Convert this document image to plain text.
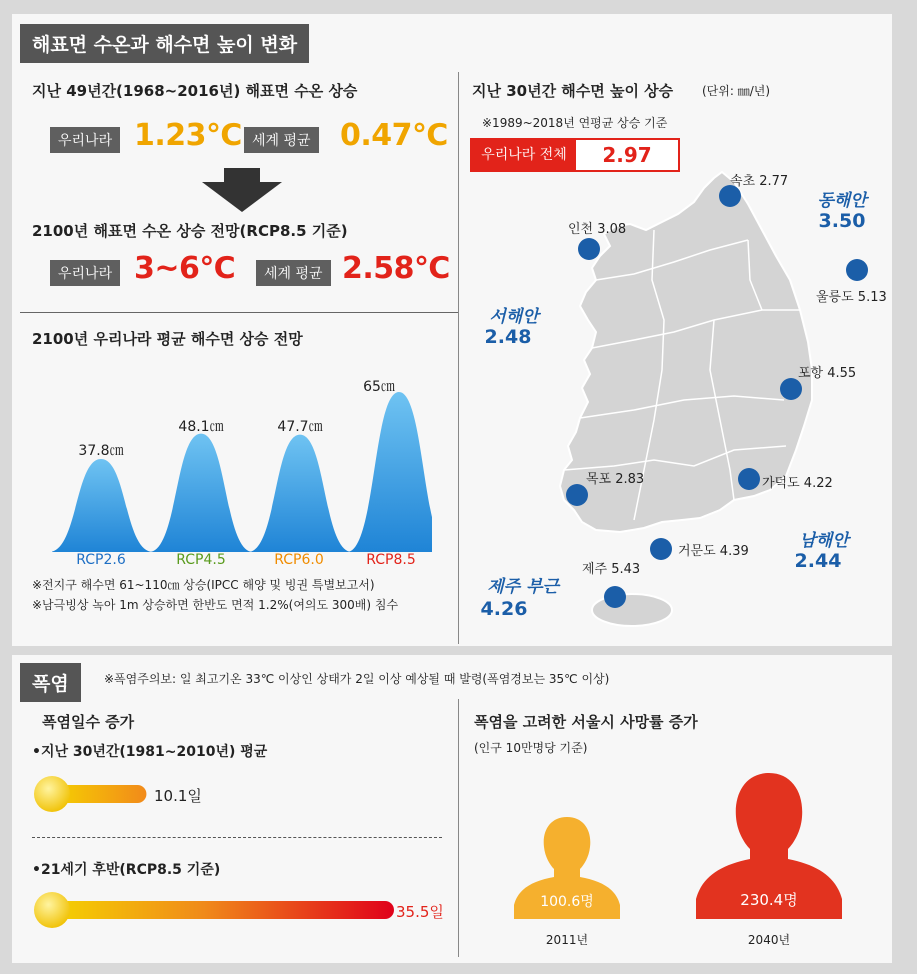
해표면 수온과 해수면 높이 변화
지난 49년간(1968~2016년) 해표면 수온 상승
우리나라 1.23℃ 세계 평균 0.47℃
2100년 해표면 수온 상승 전망(RCP8.5 기준)
우리나라 3~6℃	세계 평균 2.58℃
2100년 우리나라 평균 해수면 상승 전망
37.8㎝
48.1㎝	47.7㎝
65㎝
RCP2.6	RCP4.5	RCP6.0	RCP8.5
※전지구 해수면 61~110㎝ 상승(IPCC 해양 및 빙권 특별보고서)
※남극빙상 녹아 1m 상승하면 한반도 면적 1.2%(여의도 300배) 침수
지난 30년간 해수면 높이 상승 (단위: ㎜/년)
※1989~2018년 연평균 상승 기준
우리나라 전체	2.97
속초 2.77
인천 3.08
울릉도 5.13
포항 4.55
가덕도 4.22
목포 2.83
거문도 4.39
제주 5.43
동해안
3.50
서해안
2.48
남해안
2.44
제주 부근
4.26
폭염	※폭염주의보: 일 최고기온 33℃ 이상인 상태가 2일 이상 예상될 때 발령(폭염경보는 35℃ 이상)
폭염일수 증가
•지난 30년간(1981~2010년) 평균
10.1일
•21세기 후반(RCP8.5 기준)
35.5일
폭염을 고려한 서울시 사망률 증가
(인구 10만명당 기준)
100.6명
2011년
230.4명
2040년
